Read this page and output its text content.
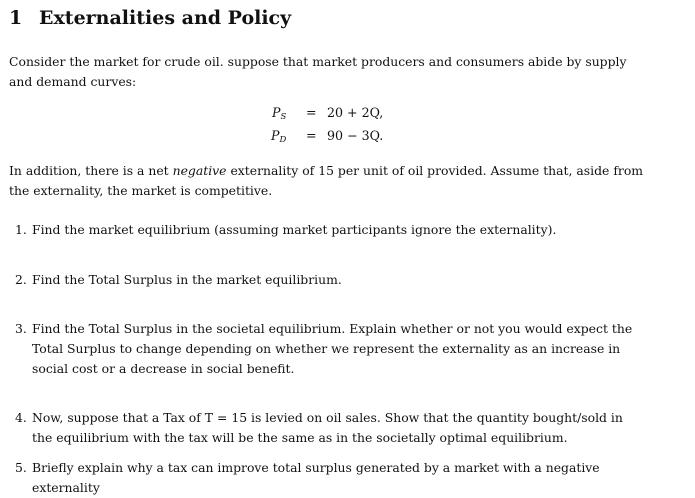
1 Externalities and Policy
Consider the market for crude oil. suppose that market producers and consumers abide by supply and demand curves:
$P_S = 20 + 2Q$,
$P_D = 90 - 3Q$.
In addition, there is a net negative externality of 15 per unit of oil provided. Assume that, aside from the externality, the market is competitive.
1. Find the market equilibrium (assuming market participants ignore the externality).
2. Find the Total Surplus in the market equilibrium.
3. Find the Total Surplus in the societal equilibrium. Explain whether or not you would expect the Total Surplus to change depending on whether we represent the externality as an increase in social cost or a decrease in social benefit.
4. Now, suppose that a Tax of T = 15 is levied on oil sales. Show that the quantity bought/sold in the equilibrium with the tax will be the same as in the societally optimal equilibrium.
5. Briefly explain why a tax can improve total surplus generated by a market with a negative externality
